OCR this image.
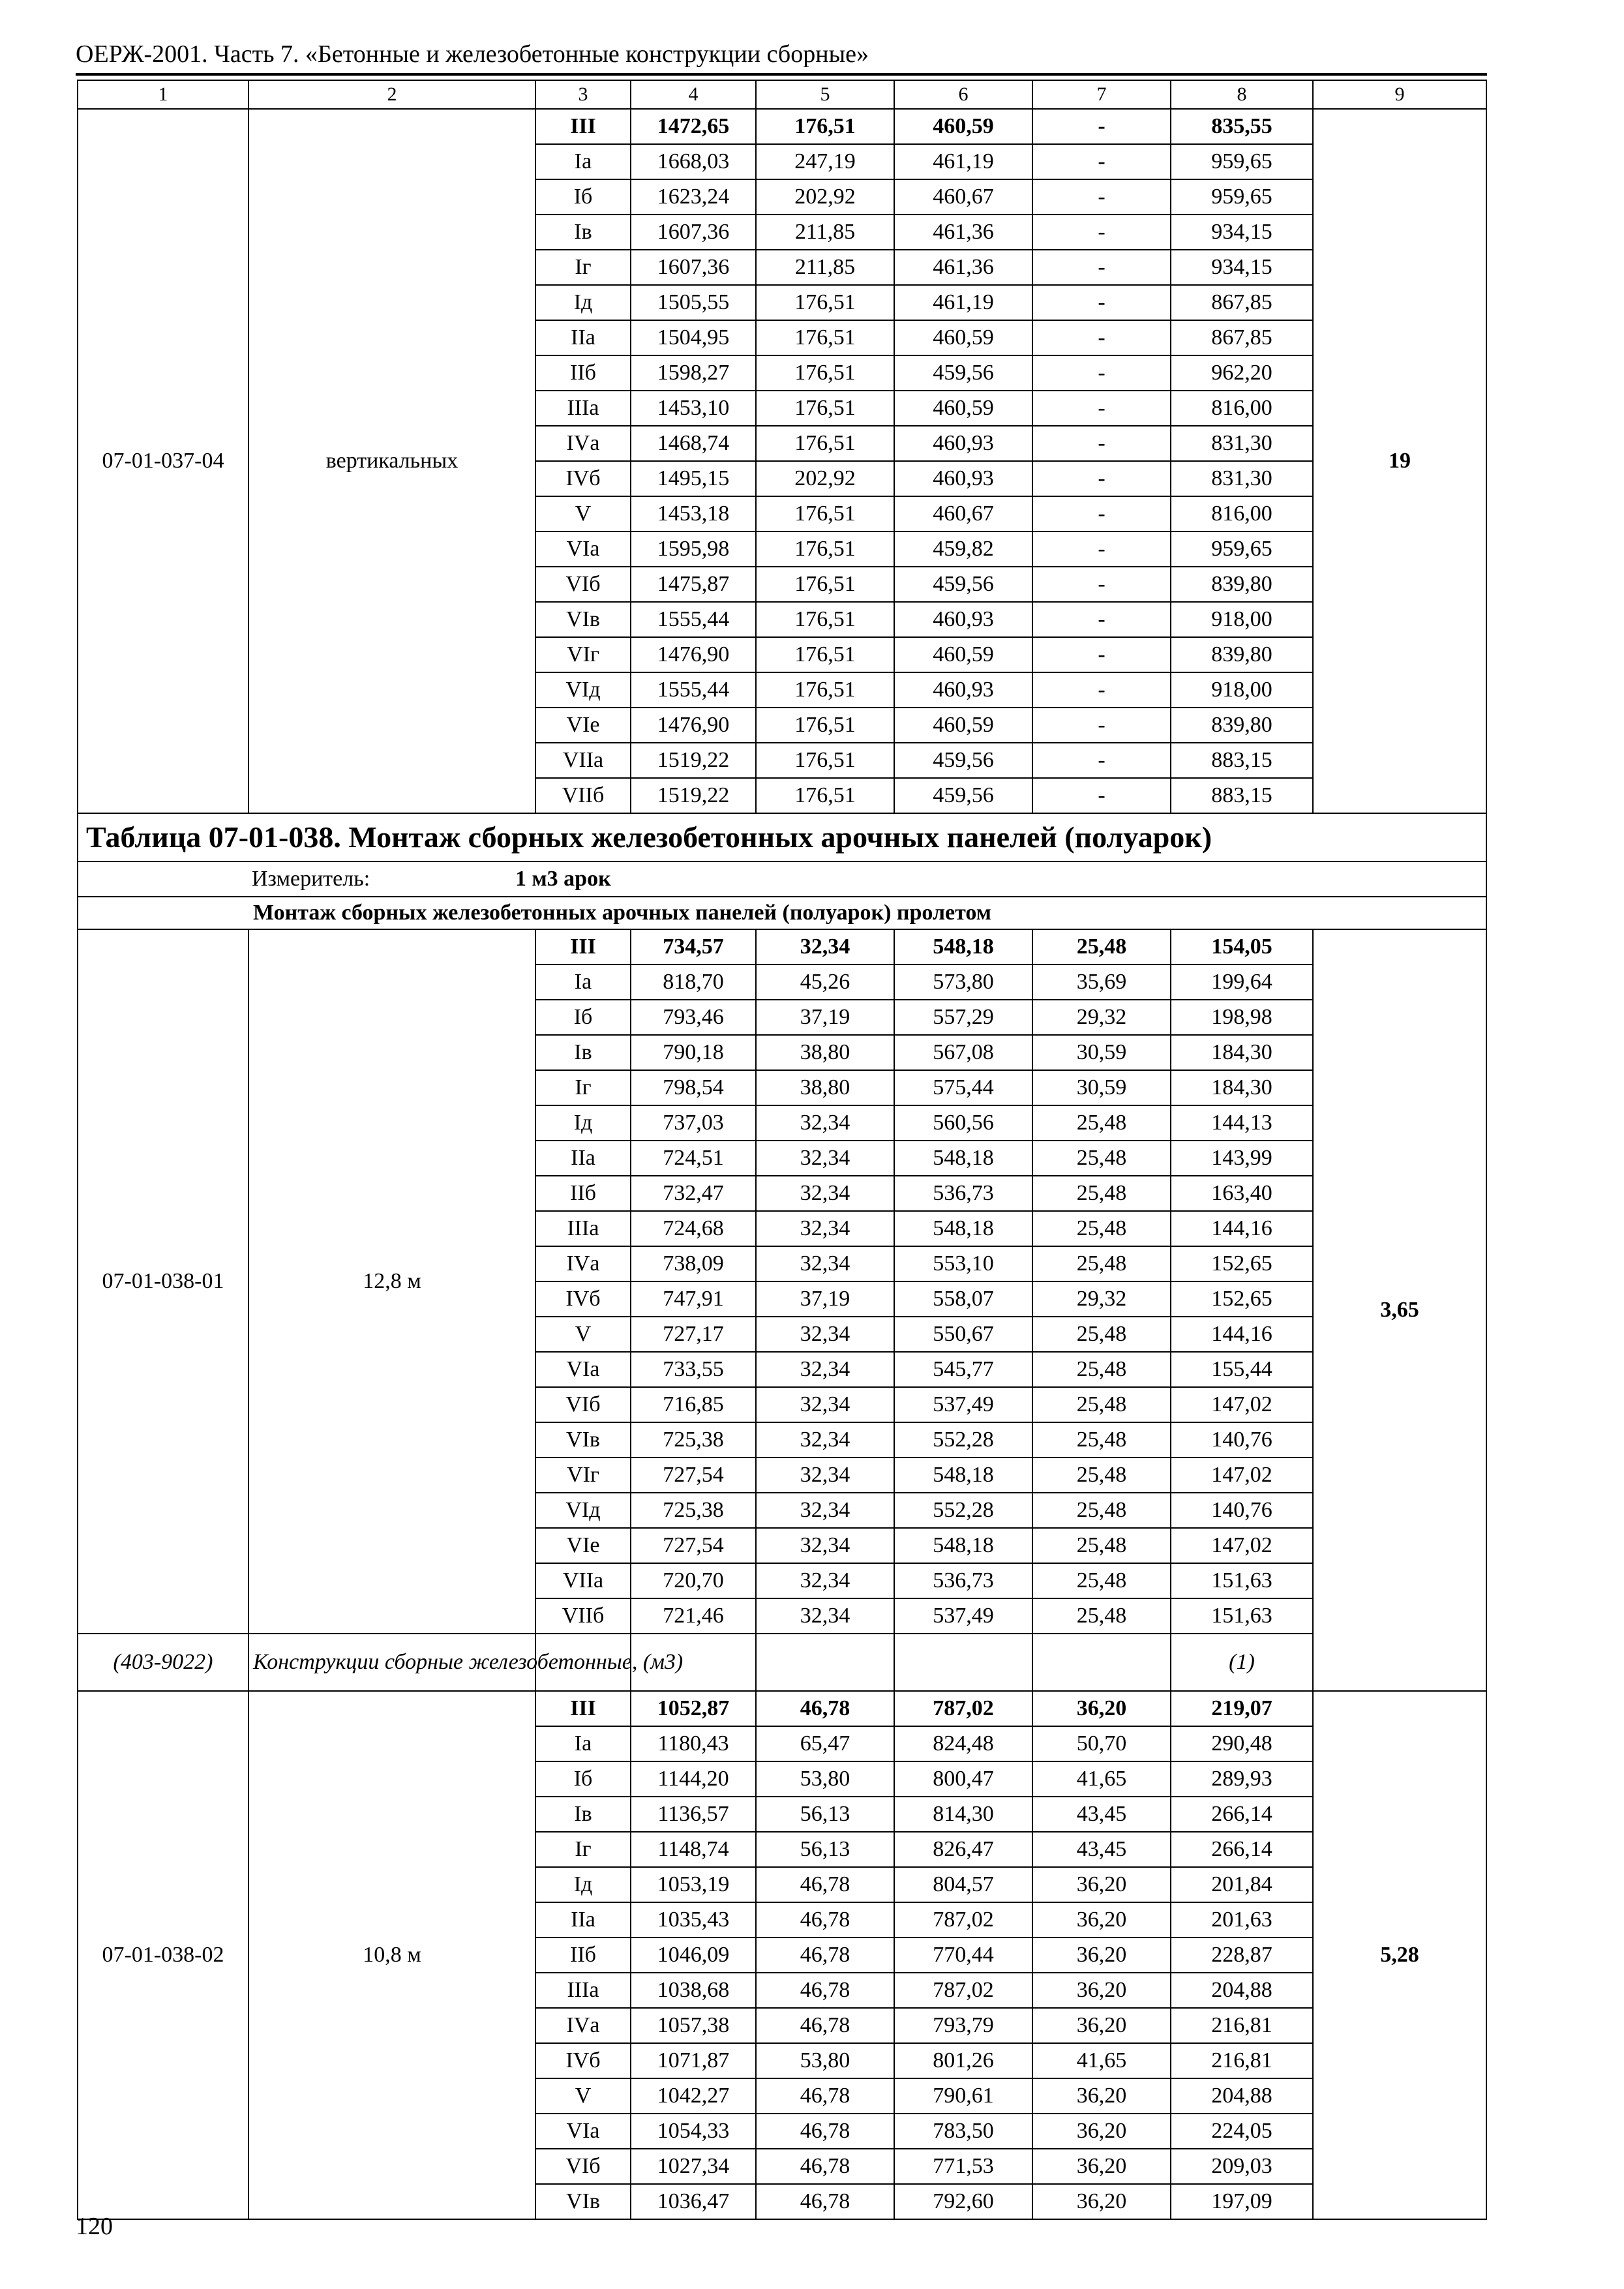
ОЕРЖ-2001. Часть 7. «Бетонные и железобетонные конструкции сборные»
1	2	3	4	5	6	7	8	9
07-01-037-04	вертикальных	III	1472,65	176,51	460,59	-	835,55	19
		Iа	1668,03	247,19	461,19	-	959,65	
		Iб	1623,24	202,92	460,67	-	959,65	
		Iв	1607,36	211,85	461,36	-	934,15	
		Iг	1607,36	211,85	461,36	-	934,15	
		Iд	1505,55	176,51	461,19	-	867,85	
		IIа	1504,95	176,51	460,59	-	867,85	
		IIб	1598,27	176,51	459,56	-	962,20	
		IIIа	1453,10	176,51	460,59	-	816,00	
		IVа	1468,74	176,51	460,93	-	831,30	
		IVб	1495,15	202,92	460,93	-	831,30	
		V	1453,18	176,51	460,67	-	816,00	
		VIа	1595,98	176,51	459,82	-	959,65	
		VIб	1475,87	176,51	459,56	-	839,80	
		VIв	1555,44	176,51	460,93	-	918,00	
		VIг	1476,90	176,51	460,59	-	839,80	
		VIд	1555,44	176,51	460,93	-	918,00	
		VIе	1476,90	176,51	460,59	-	839,80	
		VIIа	1519,22	176,51	459,56	-	883,15	
		VIIб	1519,22	176,51	459,56	-	883,15	
Таблица 07-01-038. Монтаж сборных железобетонных арочных панелей (полуарок)								
Измеритель: 1 м3 арок								
Монтаж сборных железобетонных арочных панелей (полуарок) пролетом								
07-01-038-01	12,8 м	III	734,57	32,34	548,18	25,48	154,05	3,65
		Iа	818,70	45,26	573,80	35,69	199,64	
		Iб	793,46	37,19	557,29	29,32	198,98	
		Iв	790,18	38,80	567,08	30,59	184,30	
		Iг	798,54	38,80	575,44	30,59	184,30	
		Iд	737,03	32,34	560,56	25,48	144,13	
		IIа	724,51	32,34	548,18	25,48	143,99	
		IIб	732,47	32,34	536,73	25,48	163,40	
		IIIа	724,68	32,34	548,18	25,48	144,16	
		IVа	738,09	32,34	553,10	25,48	152,65	
		IVб	747,91	37,19	558,07	29,32	152,65	
		V	727,17	32,34	550,67	25,48	144,16	
		VIа	733,55	32,34	545,77	25,48	155,44	
		VIб	716,85	32,34	537,49	25,48	147,02	
		VIв	725,38	32,34	552,28	25,48	140,76	
		VIг	727,54	32,34	548,18	25,48	147,02	
		VIд	725,38	32,34	552,28	25,48	140,76	
		VIе	727,54	32,34	548,18	25,48	147,02	
		VIIа	720,70	32,34	536,73	25,48	151,63	
		VIIб	721,46	32,34	537,49	25,48	151,63	
(403-9022)	Конструкции сборные железобетонные, (м3)						(1)	
07-01-038-02	10,8 м	III	1052,87	46,78	787,02	36,20	219,07	5,28
		Iа	1180,43	65,47	824,48	50,70	290,48	
		Iб	1144,20	53,80	800,47	41,65	289,93	
		Iв	1136,57	56,13	814,30	43,45	266,14	
		Iг	1148,74	56,13	826,47	43,45	266,14	
		Iд	1053,19	46,78	804,57	36,20	201,84	
		IIа	1035,43	46,78	787,02	36,20	201,63	
		IIб	1046,09	46,78	770,44	36,20	228,87	
		IIIа	1038,68	46,78	787,02	36,20	204,88	
		IVа	1057,38	46,78	793,79	36,20	216,81	
		IVб	1071,87	53,80	801,26	41,65	216,81	
		V	1042,27	46,78	790,61	36,20	204,88	
		VIа	1054,33	46,78	783,50	36,20	224,05	
		VIб	1027,34	46,78	771,53	36,20	209,03	
		VIв	1036,47	46,78	792,60	36,20	197,09	
120
